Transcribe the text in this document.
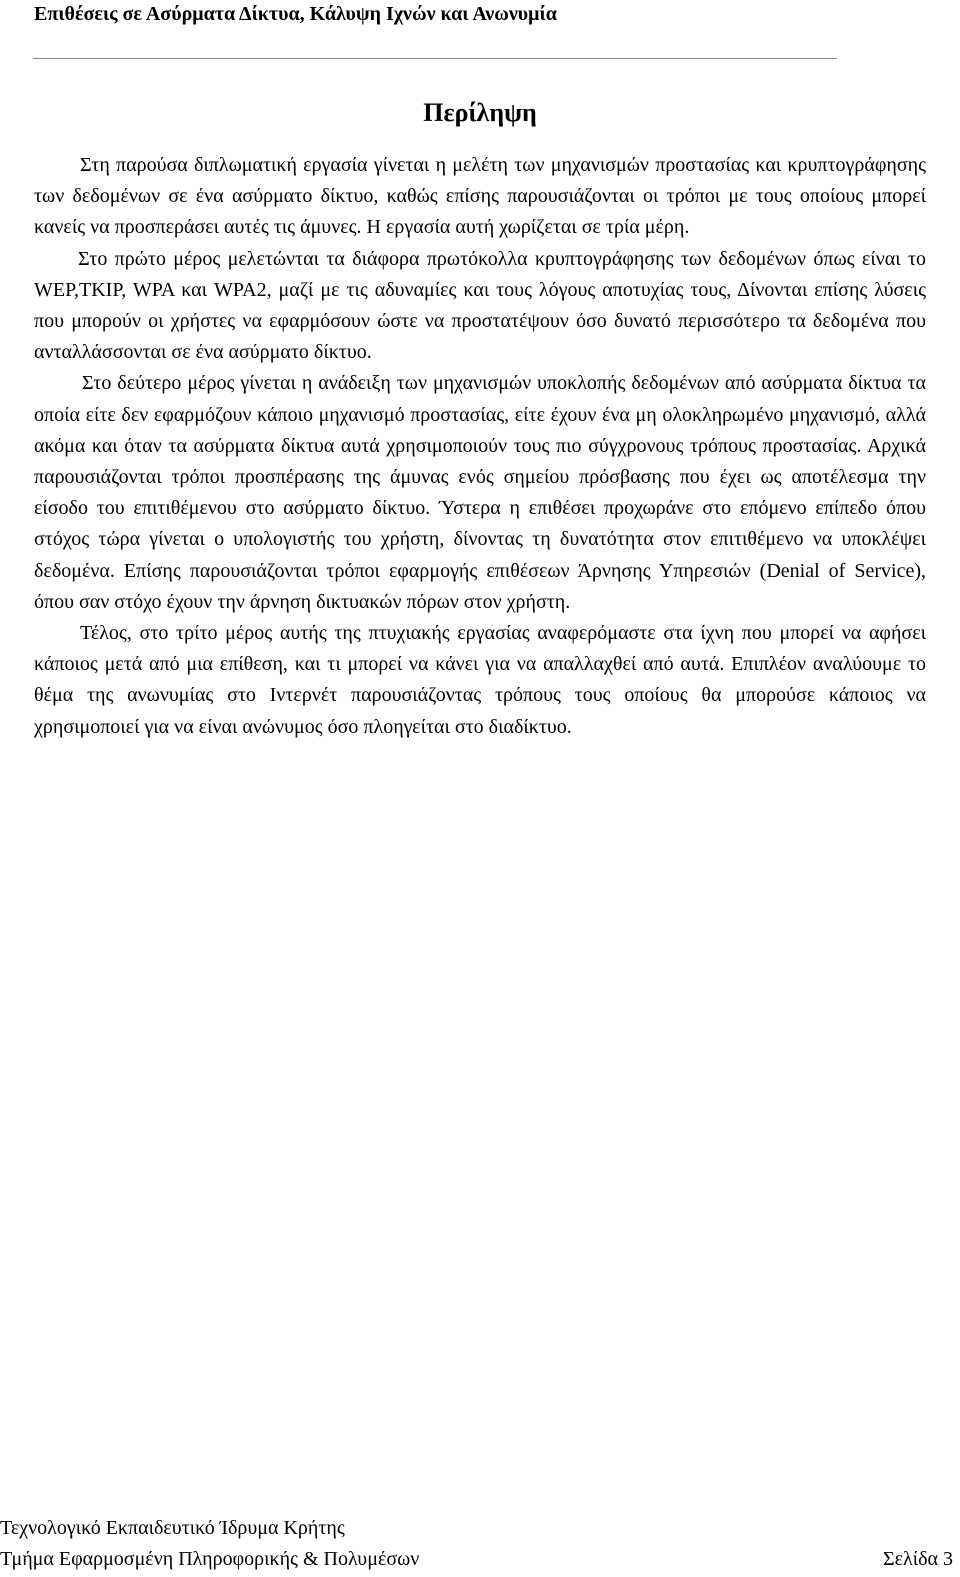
Επιθέσεις σε Ασύρματα Δίκτυα, Κάλυψη Ιχνών και Ανωνυμία
Περίληψη

Στη παρούσα διπλωματική εργασία γίνεται η μελέτη των μηχανισμών προστασίας και κρυπτογράφησης των δεδομένων σε ένα ασύρματο δίκτυο, καθώς επίσης παρουσιάζονται οι τρόποι με τους οποίους μπορεί κανείς να προσπεράσει αυτές τις άμυνες. Η εργασία αυτή χωρίζεται σε τρία μέρη.

Στο πρώτο μέρος μελετώνται τα διάφορα πρωτόκολλα κρυπτογράφησης των δεδομένων όπως είναι το WEP,TKIP, WPA και WPA2, μαζί με τις αδυναμίες και τους λόγους αποτυχίας τους, Δίνονται επίσης λύσεις που μπορούν οι χρήστες να εφαρμόσουν ώστε να προστατέψουν όσο δυνατό περισσότερο τα δεδομένα που ανταλλάσσονται σε ένα ασύρματο δίκτυο.

Στο δεύτερο μέρος γίνεται η ανάδειξη των μηχανισμών υποκλοπής δεδομένων από ασύρματα δίκτυα τα οποία είτε δεν εφαρμόζουν κάποιο μηχανισμό προστασίας, είτε έχουν ένα μη ολοκληρωμένο μηχανισμό, αλλά ακόμα και όταν τα ασύρματα δίκτυα αυτά χρησιμοποιούν τους πιο σύγχρονους τρόπους προστασίας. Αρχικά παρουσιάζονται τρόποι προσπέρασης της άμυνας ενός σημείου πρόσβασης που έχει ως αποτέλεσμα την είσοδο του επιτιθέμενου στο ασύρματο δίκτυο. Ύστερα η επιθέσει προχωράνε στο επόμενο επίπεδο όπου στόχος τώρα γίνεται ο υπολογιστής του χρήστη, δίνοντας τη δυνατότητα στον επιτιθέμενο να υποκλέψει δεδομένα. Επίσης παρουσιάζονται τρόποι εφαρμογής επιθέσεων Άρνησης Υπηρεσιών (Denial of Service), όπου σαν στόχο έχουν την άρνηση δικτυακών πόρων στον χρήστη.

Τέλος, στο τρίτο μέρος αυτής της πτυχιακής εργασίας αναφερόμαστε στα ίχνη που μπορεί να αφήσει κάποιος μετά από μια επίθεση, και τι μπορεί να κάνει για να απαλλαχθεί από αυτά. Επιπλέον αναλύουμε το θέμα της ανωνυμίας στο Ιντερνέτ παρουσιάζοντας τρόπους τους οποίους θα μπορούσε κάποιος να χρησιμοποιεί για να είναι ανώνυμος όσο πλοηγείται στο διαδίκτυο.

Τεχνολογικό Εκπαιδευτικό Ίδρυμα Κρήτης
Τμήμα Εφαρμοσμένη Πληροφορικής & Πολυμέσων	Σελίδα 3
